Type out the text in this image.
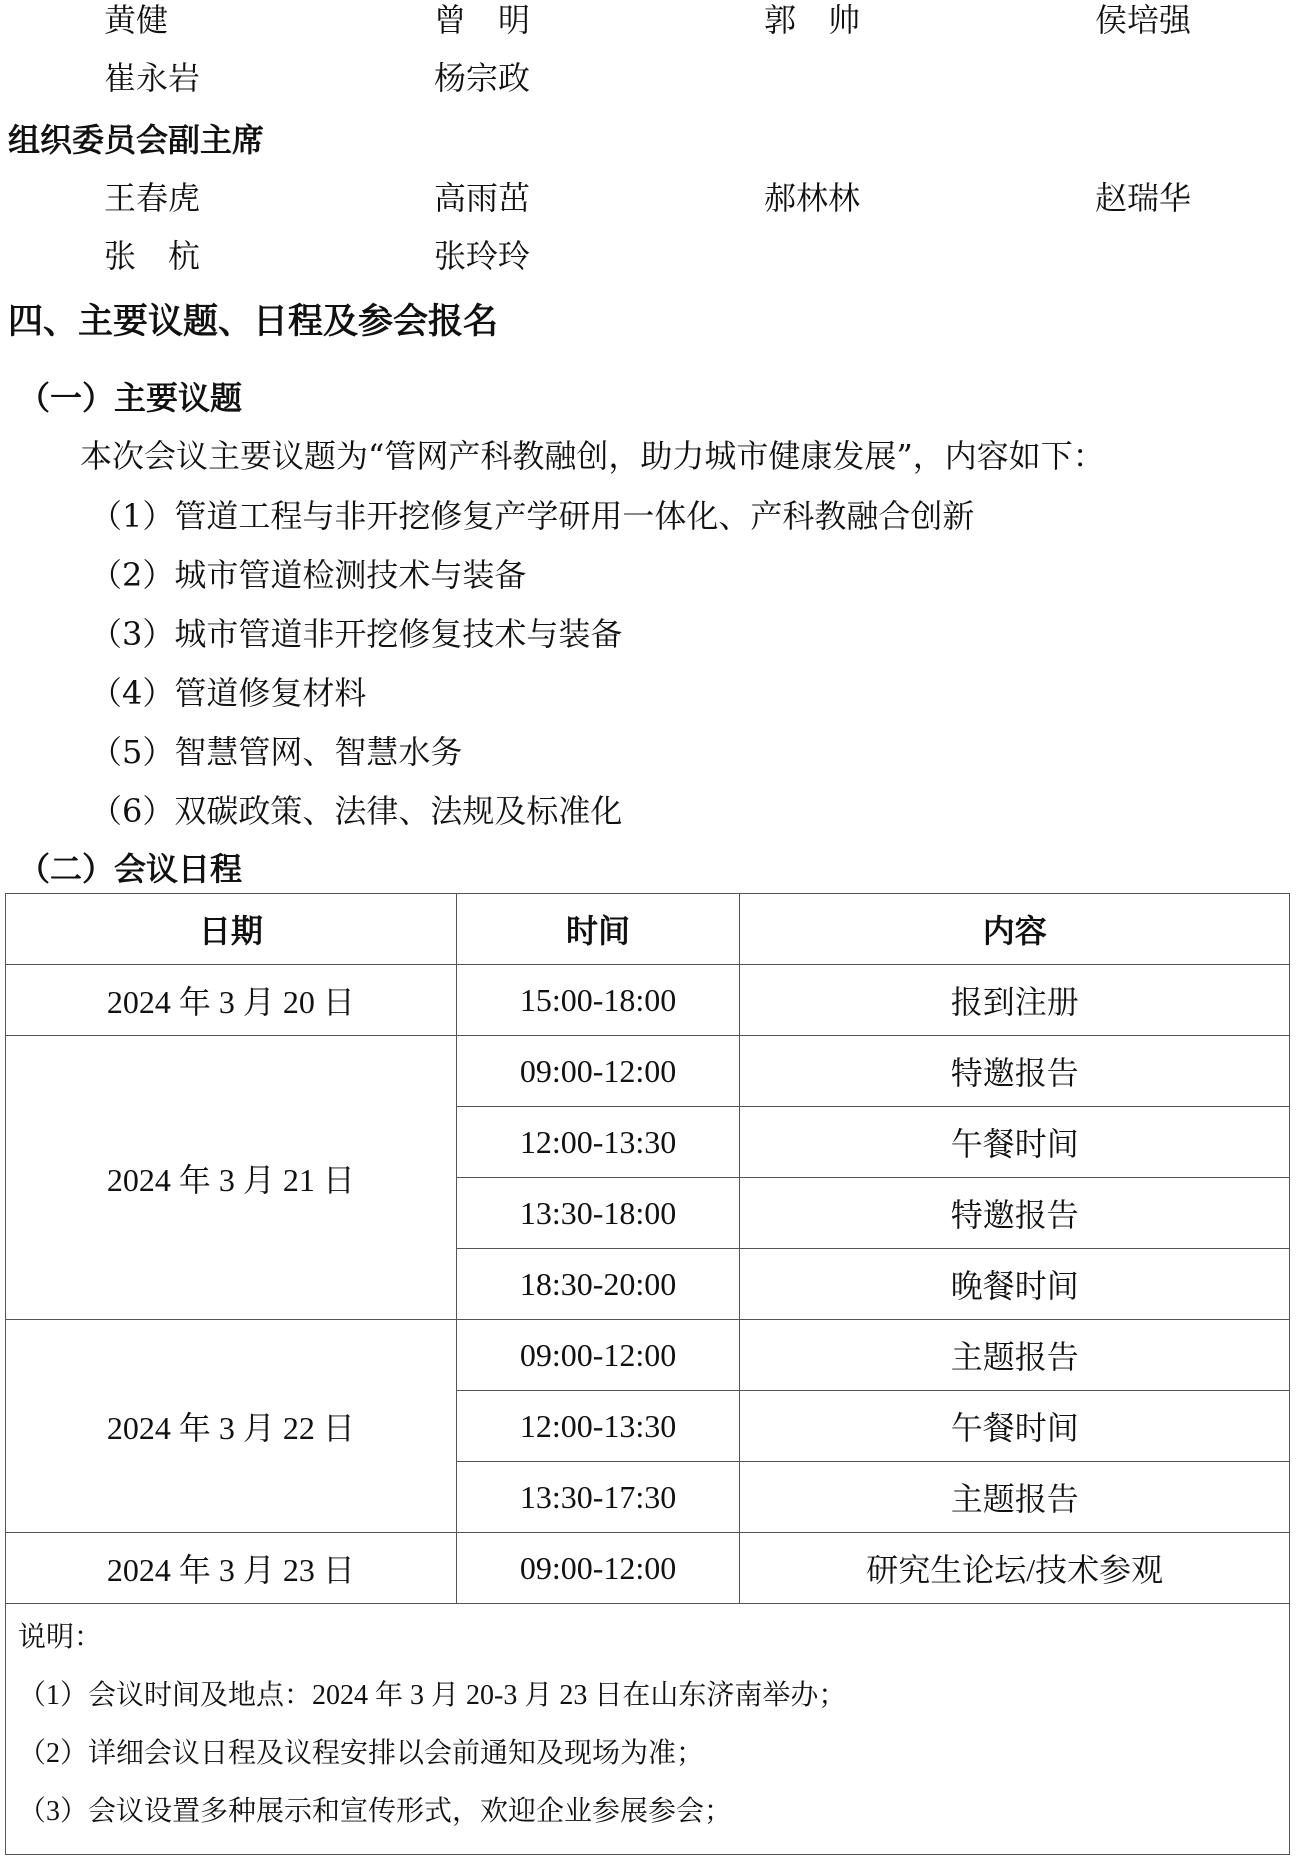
黄健	曾　明	郭　帅	侯培强
崔永岩	杨宗政
组织委员会副主席
王春虎	高雨茁	郝林林	赵瑞华
张　杭	张玲玲
四、主要议题、日程及参会报名
（一）主要议题
本次会议主要议题为“管网产科教融创，助力城市健康发展”，内容如下：
（1）管道工程与非开挖修复产学研用一体化、产科教融合创新
（2）城市管道检测技术与装备
（3）城市管道非开挖修复技术与装备
（4）管道修复材料
（5）智慧管网、智慧水务
（6）双碳政策、法律、法规及标准化
（二）会议日程
日期	时间	内容
2024 年 3 月 20 日	15:00-18:00	报到注册
2024 年 3 月 21 日	09:00-12:00	特邀报告
	12:00-13:30	午餐时间
	13:30-18:00	特邀报告
	18:30-20:00	晚餐时间
2024 年 3 月 22 日	09:00-12:00	主题报告
	12:00-13:30	午餐时间
	13:30-17:30	主题报告
2024 年 3 月 23 日	09:00-12:00	研究生论坛/技术参观

说明：
（1）会议时间及地点：2024 年 3 月 20-3 月 23 日在山东济南举办；
（2）详细会议日程及议程安排以会前通知及现场为准；
（3）会议设置多种展示和宣传形式，欢迎企业参展参会；		
